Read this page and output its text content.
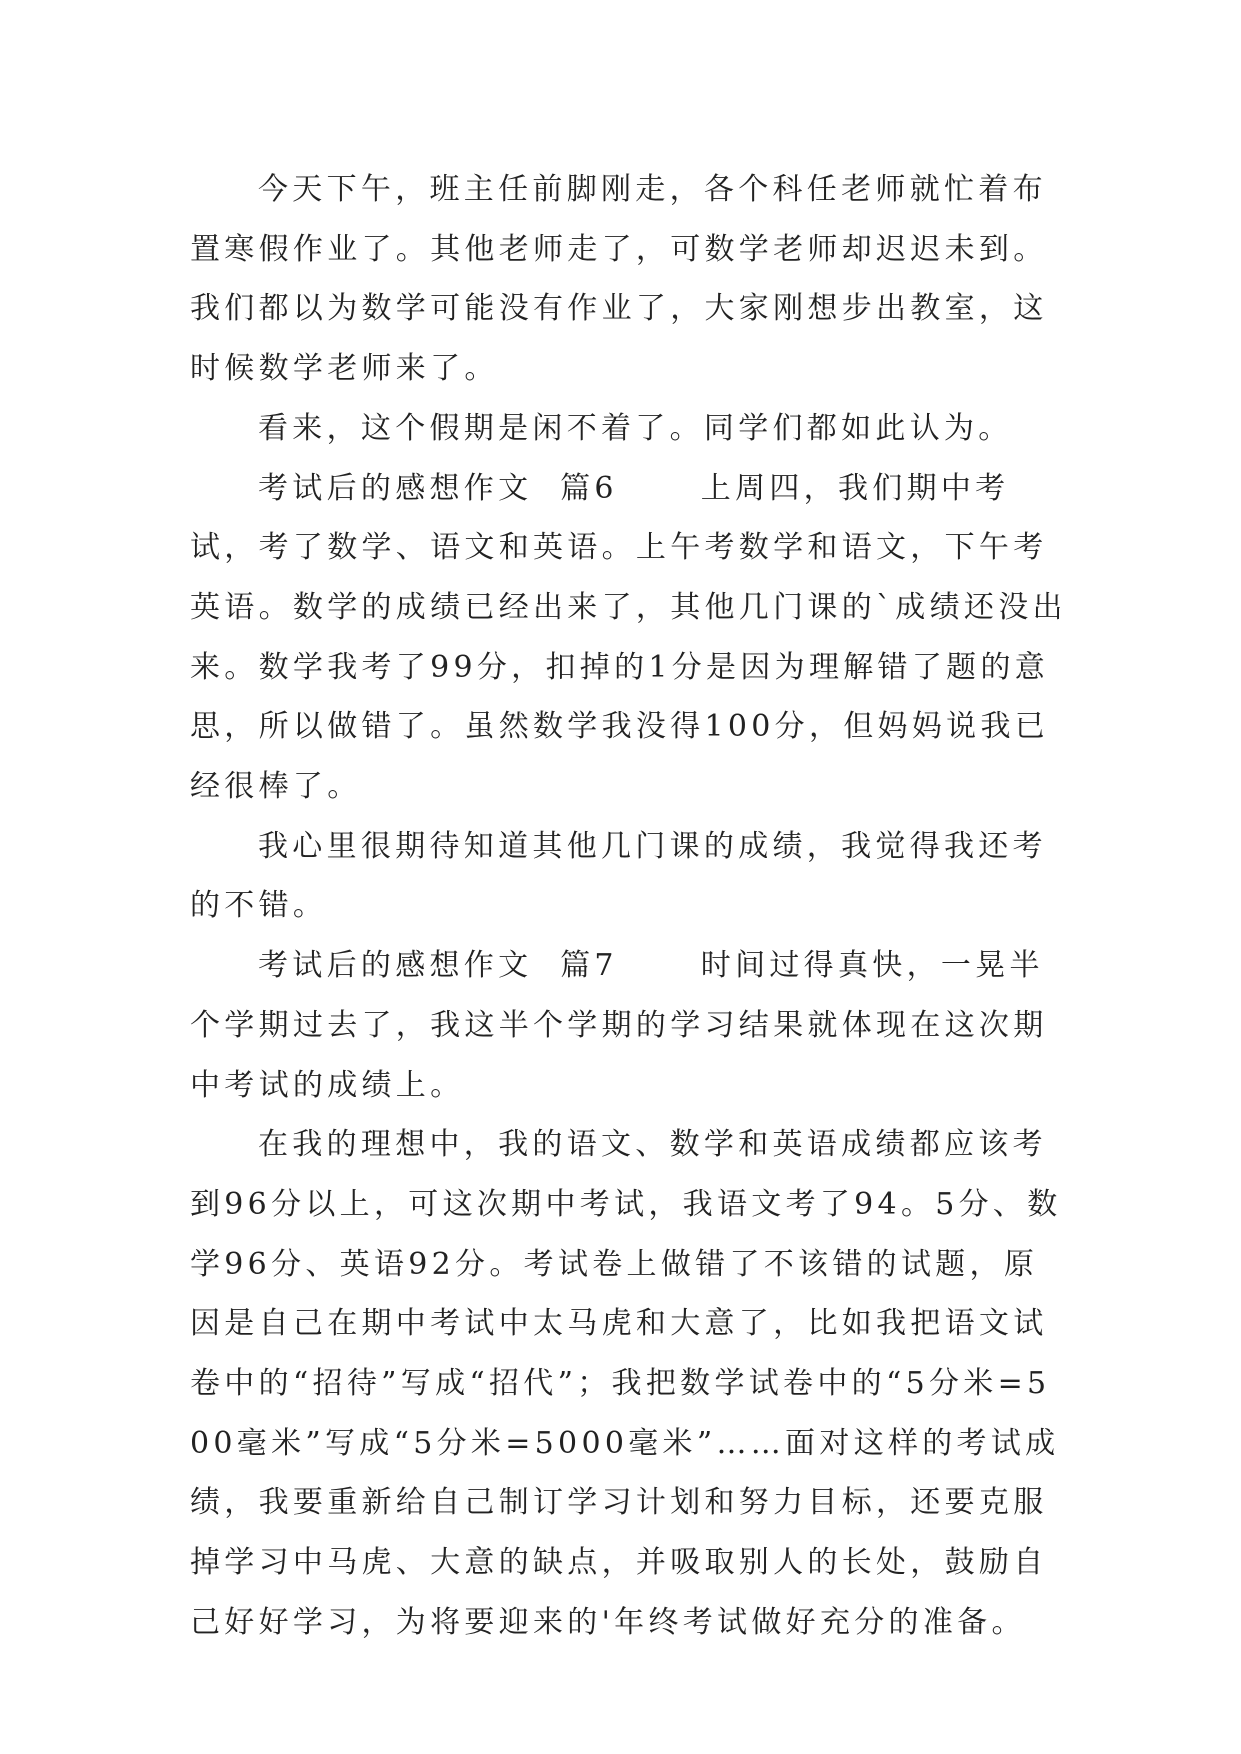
今天下午，班主任前脚刚走，各个科任老师就忙着布置寒假作业了。其他老师走了，可数学老师却迟迟未到。我们都以为数学可能没有作业了，大家刚想步出教室，这时候数学老师来了。

看来，这个假期是闲不着了。同学们都如此认为。

考试后的感想作文  篇6      上周四，我们期中考试，考了数学、语文和英语。上午考数学和语文，下午考英语。数学的成绩已经出来了，其他几门课的`成绩还没出来。数学我考了99分，扣掉的1分是因为理解错了题的意思，所以做错了。虽然数学我没得100分，但妈妈说我已经很棒了。

我心里很期待知道其他几门课的成绩，我觉得我还考的不错。

考试后的感想作文  篇7      时间过得真快，一晃半个学期过去了，我这半个学期的学习结果就体现在这次期中考试的成绩上。

在我的理想中，我的语文、数学和英语成绩都应该考到96分以上，可这次期中考试，我语文考了94。5分、数学96分、英语92分。考试卷上做错了不该错的试题，原因是自己在期中考试中太马虎和大意了，比如我把语文试卷中的“招待”写成“招代”；我把数学试卷中的“5分米=500毫米”写成“5分米=5000毫米”……面对这样的考试成绩，我要重新给自己制订学习计划和努力目标，还要克服掉学习中马虎、大意的缺点，并吸取别人的长处，鼓励自己好好学习，为将要迎来的'年终考试做好充分的准备。
